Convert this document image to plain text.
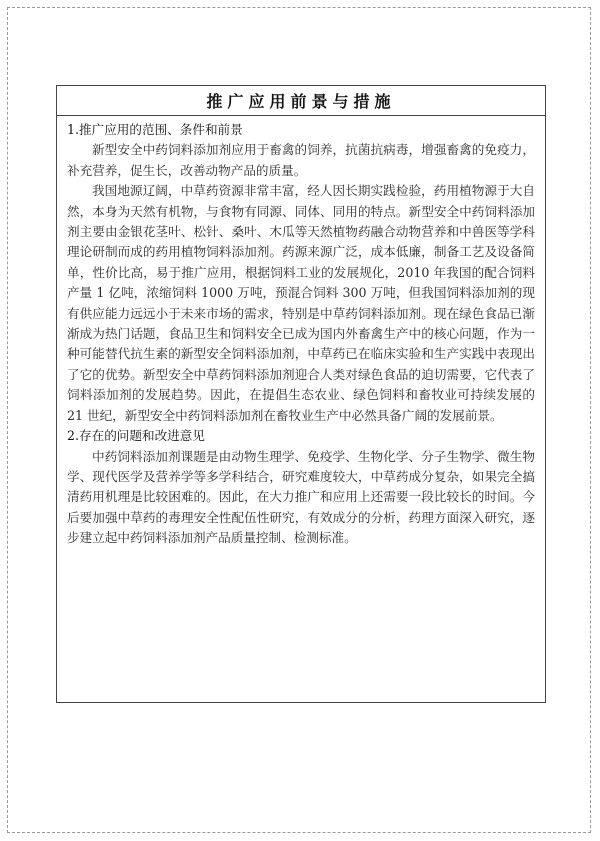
推广应用前景与措施
1.推广应用的范围、条件和前景

新型安全中药饲料添加剂应用于畜禽的饲养，抗菌抗病毒，增强畜禽的免疫力，补充营养，促生长，改善动物产品的质量。

我国地源辽阔，中草药资源非常丰富，经人因长期实践检验，药用植物源于大自然，本身为天然有机物，与食物有同源、同体、同用的特点。新型安全中药饲料添加剂主要由金银花茎叶、松针、桑叶、木瓜等天然植物药融合动物营养和中兽医等学科理论研制而成的药用植物饲料添加剂。药源来源广泛，成本低廉，制备工艺及设备简单，性价比高，易于推广应用，根据饲料工业的发展规化，2010 年我国的配合饲料产量 1 亿吨，浓缩饲料 1000 万吨，预混合饲料 300 万吨，但我国饲料添加剂的现有供应能力远远小于未来市场的需求，特别是中草药饲料添加剂。现在绿色食品已渐渐成为热门话题，食品卫生和饲料安全已成为国内外畜禽生产中的核心问题，作为一种可能替代抗生素的新型安全饲料添加剂，中草药已在临床实验和生产实践中表现出了它的优势。新型安全中草药饲料添加剂迎合人类对绿色食品的迫切需要，它代表了饲料添加剂的发展趋势。因此，在提倡生态农业、绿色饲料和畜牧业可持续发展的 21 世纪，新型安全中药饲料添加剂在畜牧业生产中必然具备广阔的发展前景。

2.存在的问题和改进意见

中药饲料添加剂课题是由动物生理学、免疫学、生物化学、分子生物学、微生物学、现代医学及营养学等多学科结合，研究难度较大，中草药成分复杂，如果完全搞清药用机理是比较困难的。因此，在大力推广和应用上还需要一段比较长的时间。今后要加强中草药的毒理安全性配伍性研究，有效成分的分析，药理方面深入研究，逐步建立起中药饲料添加剂产品质量控制、检测标准。
